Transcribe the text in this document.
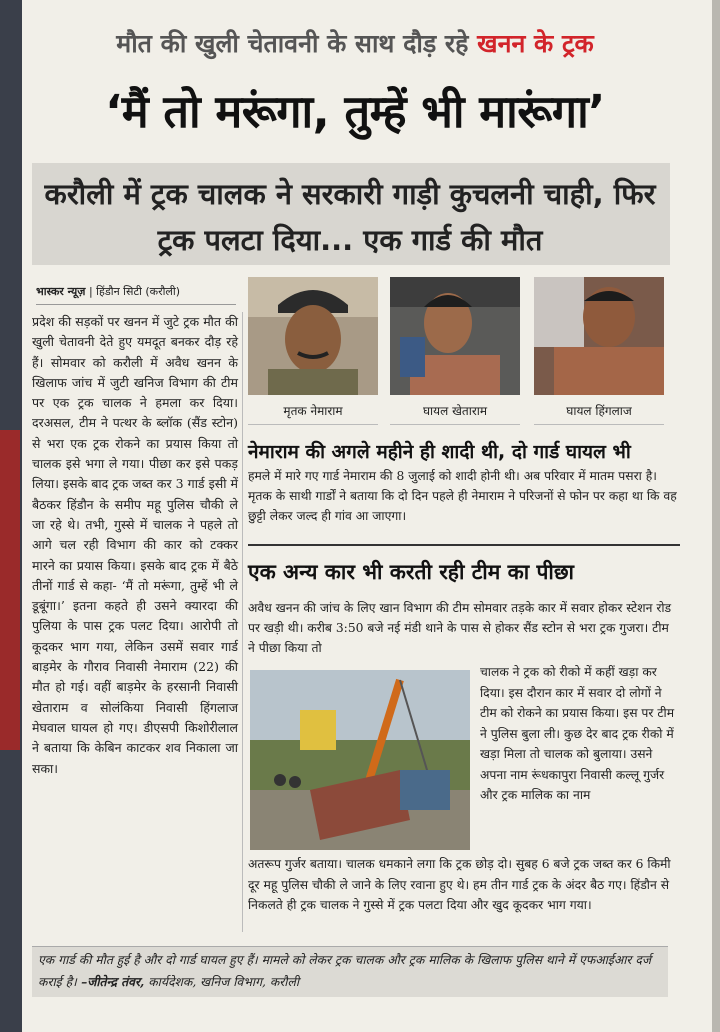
मौत की खुली चेतावनी के साथ दौड़ रहे खनन के ट्रक
‘मैं तो मरूंगा, तुम्हें भी मारूंगा’
करौली में ट्रक चालक ने सरकारी गाड़ी कुचलनी चाही, फिर ट्रक पलटा दिया... एक गार्ड की मौत
भास्कर न्यूज़ | हिंडौन सिटी (करौली)
प्रदेश की सड़कों पर खनन में जुटे ट्रक मौत की खुली चेतावनी देते हुए यमदूत बनकर दौड़ रहे हैं। सोमवार को करौली में अवैध खनन के खिलाफ जांच में जुटी खनिज विभाग की टीम पर एक ट्रक चालक ने हमला कर दिया। दरअसल, टीम ने पत्थर के ब्लॉक (सैंड स्टोन) से भरा एक ट्रक रोकने का प्रयास किया तो चालक इसे भगा ले गया। पीछा कर इसे पकड़ लिया। इसके बाद ट्रक जब्त कर 3 गार्ड इसी में बैठकर हिंडौन के समीप महू पुलिस चौकी ले जा रहे थे। तभी, गुस्से में चालक ने पहले तो आगे चल रही विभाग की कार को टक्कर मारने का प्रयास किया। इसके बाद ट्रक में बैठे तीनों गार्ड से कहा- ‘मैं तो मरूंगा, तुम्हें भी ले डूबूंगा।’ इतना कहते ही उसने क्यारदा की पुलिया के पास ट्रक पलट दिया। आरोपी तो कूदकर भाग गया, लेकिन उसमें सवार गार्ड बाड़मेर के गौराव निवासी नेमाराम (22) की मौत हो गई। वहीं बाड़मेर के हरसानी निवासी खेताराम व सोलंकिया निवासी हिंगलाज मेघवाल घायल हो गए। डीएसपी किशोरीलाल ने बताया कि केबिन काटकर शव निकाला जा सका।
मृतक नेमाराम	घायल खेताराम	घायल हिंगलाज
नेमाराम की अगले महीने ही शादी थी, दो गार्ड घायल भी
हमले में मारे गए गार्ड नेमाराम की 8 जुलाई को शादी होनी थी। अब परिवार में मातम पसरा है। मृतक के साथी गार्डों ने बताया कि दो दिन पहले ही नेमाराम ने परिजनों से फोन पर कहा था कि वह छुट्टी लेकर जल्द ही गांव आ जाएगा।
एक अन्य कार भी करती रही टीम का पीछा
अवैध खनन की जांच के लिए खान विभाग की टीम सोमवार तड़के कार में सवार होकर स्टेशन रोड पर खड़ी थी। करीब 3:50 बजे नई मंडी थाने के पास से होकर सैंड स्टोन से भरा ट्रक गुजरा। टीम ने पीछा किया तो
चालक ने ट्रक को रीको में कहीं खड़ा कर दिया। इस दौरान कार में सवार दो लोगों ने टीम को रोकने का प्रयास किया। इस पर टीम ने पुलिस बुला ली। कुछ देर बाद ट्रक रीको में खड़ा मिला तो चालक को बुलाया। उसने अपना नाम रूंधकापुरा निवासी कल्लू गुर्जर और ट्रक मालिक का नाम
अतरूप गुर्जर बताया। चालक धमकाने लगा कि ट्रक छोड़ दो। सुबह 6 बजे ट्रक जब्त कर 6 किमी दूर महू पुलिस चौकी ले जाने के लिए रवाना हुए थे। हम तीन गार्ड ट्रक के अंदर बैठ गए। हिंडौन से निकलते ही ट्रक चालक ने गुस्से में ट्रक पलटा दिया और खुद कूदकर भाग गया।
एक गार्ड की मौत हुई है और दो गार्ड घायल हुए हैं। मामले को लेकर ट्रक चालक और ट्रक मालिक के खिलाफ पुलिस थाने में एफआईआर दर्ज कराई है। –जीतेन्द्र तंवर, कार्यदेशक, खनिज विभाग, करौली
